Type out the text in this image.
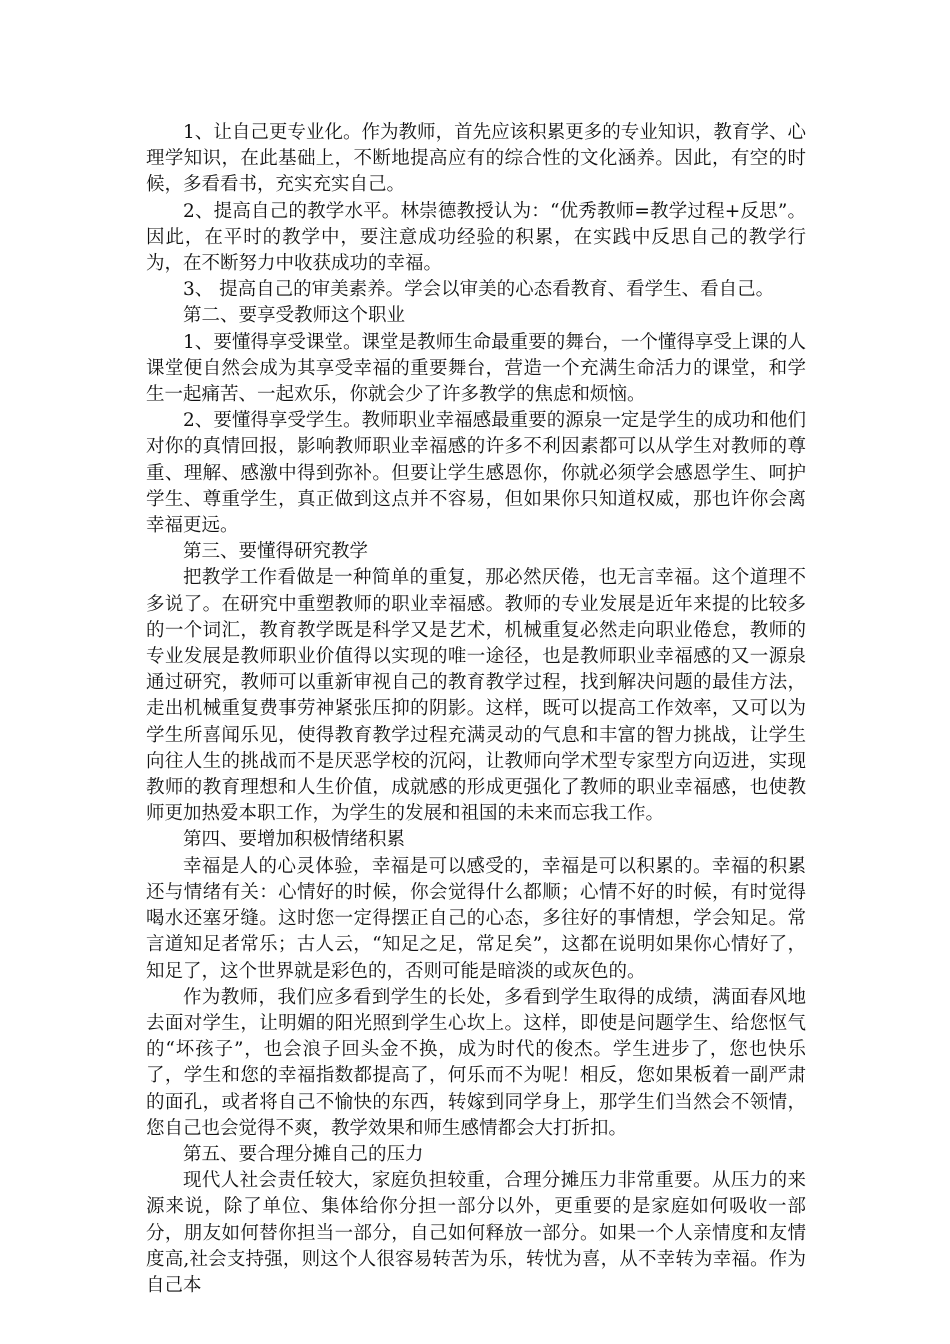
1、让自己更专业化。作为教师，首先应该积累更多的专业知识，教育学、心理学知识，在此基础上，不断地提高应有的综合性的文化涵养。因此，有空的时候，多看看书，充实充实自己。

2、提高自己的教学水平。林崇德教授认为：“优秀教师=教学过程+反思”。因此，在平时的教学中，要注意成功经验的积累，在实践中反思自己的教学行为，在不断努力中收获成功的幸福。

3、 提高自己的审美素养。学会以审美的心态看教育、看学生、看自己。

第二、要享受教师这个职业

1、要懂得享受课堂。课堂是教师生命最重要的舞台，一个懂得享受上课的人课堂便自然会成为其享受幸福的重要舞台，营造一个充满生命活力的课堂，和学生一起痛苦、一起欢乐，你就会少了许多教学的焦虑和烦恼。

2、要懂得享受学生。教师职业幸福感最重要的源泉一定是学生的成功和他们对你的真情回报，影响教师职业幸福感的许多不利因素都可以从学生对教师的尊重、理解、感激中得到弥补。但要让学生感恩你，你就必须学会感恩学生、呵护学生、尊重学生，真正做到这点并不容易，但如果你只知道权威，那也许你会离幸福更远。

第三、要懂得研究教学

把教学工作看做是一种简单的重复，那必然厌倦，也无言幸福。这个道理不多说了。在研究中重塑教师的职业幸福感。教师的专业发展是近年来提的比较多的一个词汇，教育教学既是科学又是艺术，机械重复必然走向职业倦怠，教师的专业发展是教师职业价值得以实现的唯一途径，也是教师职业幸福感的又一源泉通过研究，教师可以重新审视自己的教育教学过程，找到解决问题的最佳方法，走出机械重复费事劳神紧张压抑的阴影。这样，既可以提高工作效率，又可以为学生所喜闻乐见，使得教育教学过程充满灵动的气息和丰富的智力挑战，让学生向往人生的挑战而不是厌恶学校的沉闷，让教师向学术型专家型方向迈进，实现教师的教育理想和人生价值，成就感的形成更强化了教师的职业幸福感，也使教师更加热爱本职工作，为学生的发展和祖国的未来而忘我工作。

第四、要增加积极情绪积累

幸福是人的心灵体验，幸福是可以感受的，幸福是可以积累的。幸福的积累还与情绪有关：心情好的时候，你会觉得什么都顺；心情不好的时候，有时觉得喝水还塞牙缝。这时您一定得摆正自己的心态，多往好的事情想，学会知足。常言道知足者常乐；古人云，“知足之足，常足矣”，这都在说明如果你心情好了，知足了，这个世界就是彩色的，否则可能是暗淡的或灰色的。

作为教师，我们应多看到学生的长处，多看到学生取得的成绩，满面春风地去面对学生，让明媚的阳光照到学生心坎上。这样，即使是问题学生、给您怄气的“坏孩子”，也会浪子回头金不换，成为时代的俊杰。学生进步了，您也快乐了，学生和您的幸福指数都提高了，何乐而不为呢！相反，您如果板着一副严肃的面孔，或者将自己不愉快的东西，转嫁到同学身上，那学生们当然会不领情，您自己也会觉得不爽，教学效果和师生感情都会大打折扣。

第五、要合理分摊自己的压力

现代人社会责任较大，家庭负担较重，合理分摊压力非常重要。从压力的来源来说，除了单位、集体给你分担一部分以外，更重要的是家庭如何吸收一部分，朋友如何替你担当一部分，自己如何释放一部分。如果一个人亲情度和友情度高,社会支持强，则这个人很容易转苦为乐，转忧为喜，从不幸转为幸福。作为自己本
